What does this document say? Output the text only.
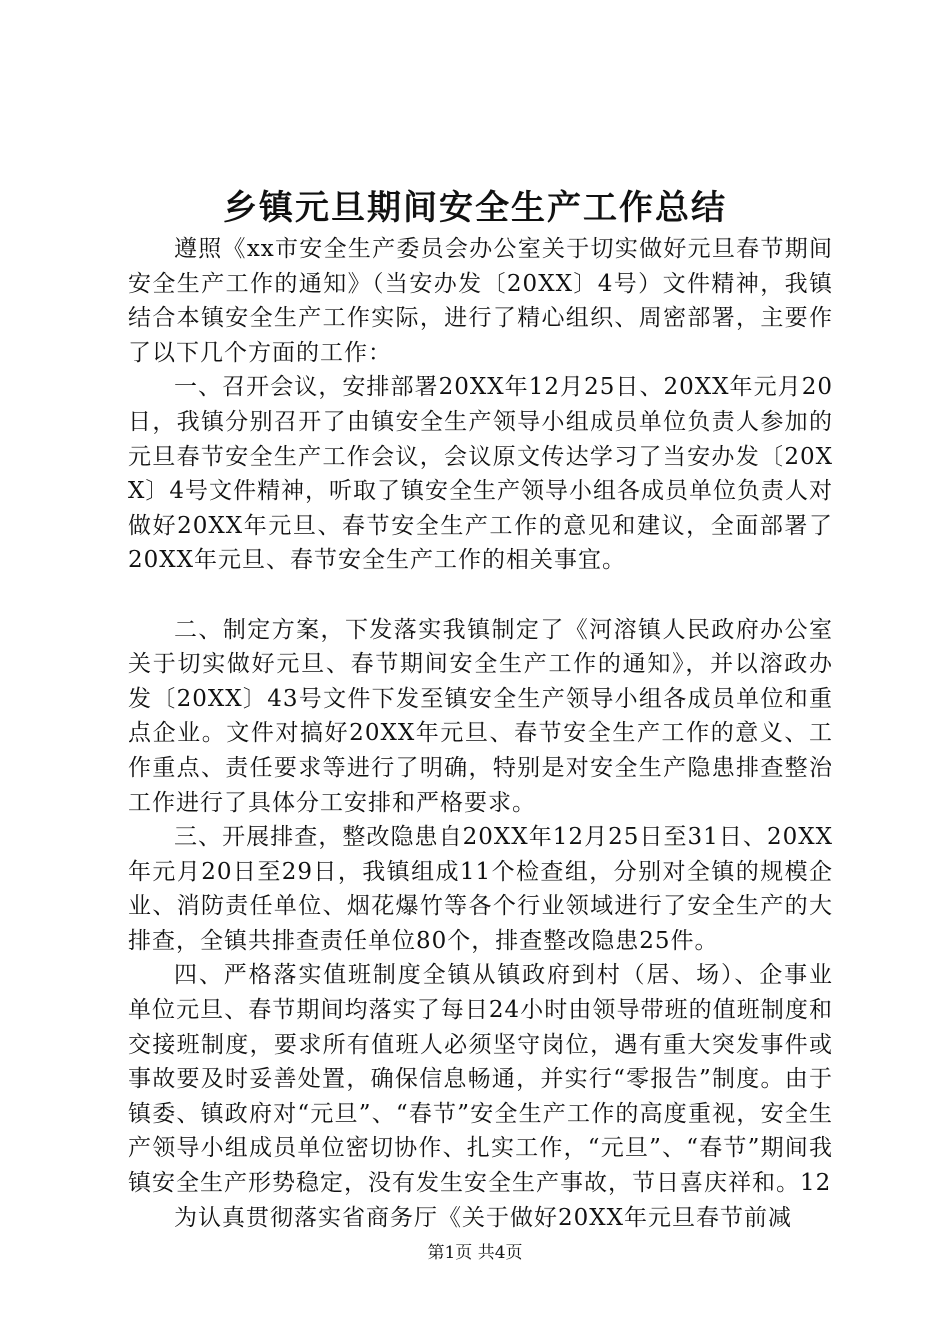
乡镇元旦期间安全生产工作总结

遵照《xx市安全生产委员会办公室关于切实做好元旦春节期间安全生产工作的通知》（当安办发〔20XX〕4号）文件精神，我镇结合本镇安全生产工作实际，进行了精心组织、周密部署，主要作了以下几个方面的工作：

一、召开会议，安排部署20XX年12月25日、20XX年元月20日，我镇分别召开了由镇安全生产领导小组成员单位负责人参加的元旦春节安全生产工作会议，会议原文传达学习了当安办发〔20XX〕4号文件精神，听取了镇安全生产领导小组各成员单位负责人对做好20XX年元旦、春节安全生产工作的意见和建议，全面部署了20XX年元旦、春节安全生产工作的相关事宜。

二、制定方案，下发落实我镇制定了《河溶镇人民政府办公室关于切实做好元旦、春节期间安全生产工作的通知》，并以溶政办发〔20XX〕43号文件下发至镇安全生产领导小组各成员单位和重点企业。文件对搞好20XX年元旦、春节安全生产工作的意义、工作重点、责任要求等进行了明确，特别是对安全生产隐患排查整治工作进行了具体分工安排和严格要求。

三、开展排查，整改隐患自20XX年12月25日至31日、20XX年元月20日至29日，我镇组成11个检查组，分别对全镇的规模企业、消防责任单位、烟花爆竹等各个行业领域进行了安全生产的大排查，全镇共排查责任单位80个，排查整改隐患25件。

四、严格落实值班制度全镇从镇政府到村（居、场）、企事业单位元旦、春节期间均落实了每日24小时由领导带班的值班制度和交接班制度，要求所有值班人必须坚守岗位，遇有重大突发事件或事故要及时妥善处置，确保信息畅通，并实行“零报告”制度。由于镇委、镇政府对“元旦”、“春节”安全生产工作的高度重视，安全生产领导小组成员单位密切协作、扎实工作，“元旦”、“春节”期间我镇安全生产形势稳定，没有发生安全生产事故，节日喜庆祥和。12

为认真贯彻落实省商务厅《关于做好20XX年元旦春节前减

第1页 共4页
